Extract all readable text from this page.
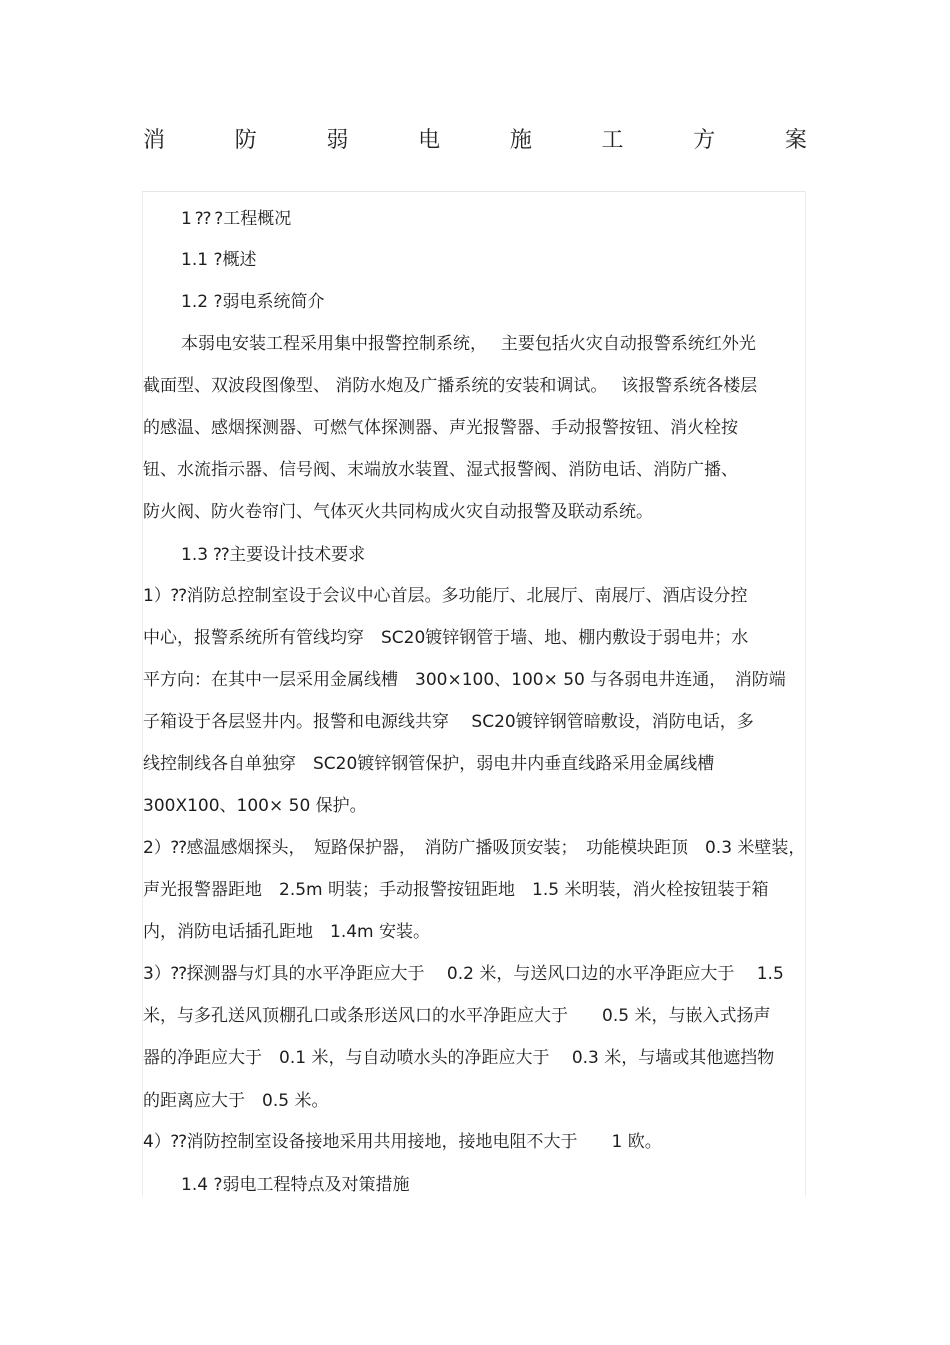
消	防	弱	电	施	工	方	案
1 ⁇ ?工程概况
1.1 ?概述
1.2 ?弱电系统简介
本弱电安装工程采用集中报警控制系统，　 主要包括火灾自动报警系统红外光
截面型、双波段图像型、 消防水炮及广播系统的安装和调试。　 该报警系统各楼层
的感温、感烟探测器、可燃气体探测器、声光报警器、手动报警按钮、消火栓按
钮、水流指示器、信号阀、末端放水装置、湿式报警阀、消防电话、消防广播、
防火阀、防火卷帘门、气体灭火共同构成火灾自动报警及联动系统。
1.3 ⁇主要设计技术要求
1）⁇消防总控制室设于会议中心首层。多功能厅、北展厅、南展厅、酒店设分控
中心，报警系统所有管线均穿　SC20镀锌钢管于墙、地、棚内敷设于弱电井；水
平方向：在其中一层采用金属线槽　300×100、100× 50 与各弱电井连通，　消防端
子箱设于各层竖井内。报警和电源线共穿　 SC20镀锌钢管暗敷设，消防电话，多
线控制线各自单独穿　SC20镀锌钢管保护，弱电井内垂直线路采用金属线槽
300X100、100× 50 保护。
2）⁇感温感烟探头，　短路保护器，　消防广播吸顶安装；　功能模块距顶　0.3 米壁装，
声光报警器距地　2.5m 明装；手动报警按钮距地　1.5 米明装，消火栓按钮装于箱
内，消防电话插孔距地　1.4m 安装。
3）⁇探测器与灯具的水平净距应大于　 0.2 米，与送风口边的水平净距应大于　 1.5
米，与多孔送风顶棚孔口或条形送风口的水平净距应大于　　0.5 米，与嵌入式扬声
器的净距应大于　0.1 米，与自动喷水头的净距应大于　 0.3 米，与墙或其他遮挡物
的距离应大于　0.5 米。
4）⁇消防控制室设备接地采用共用接地，接地电阻不大于　　1 欧。
1.4 ?弱电工程特点及对策措施
